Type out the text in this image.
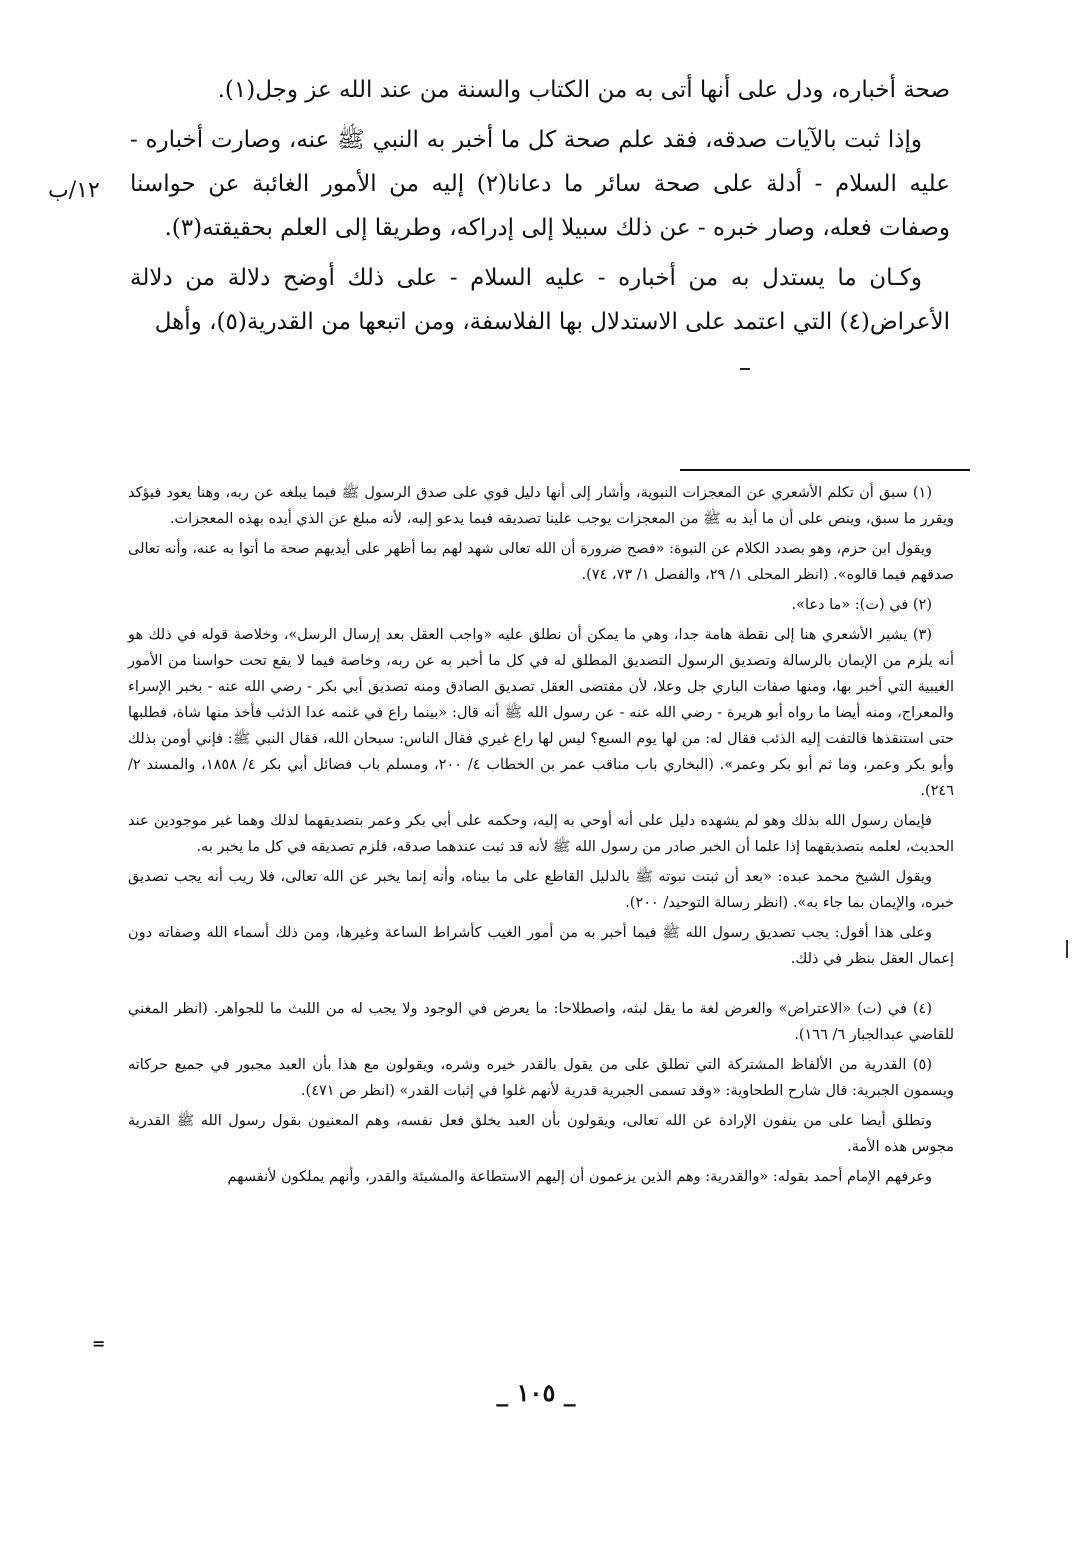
صحة أخباره، ودل على أنها أتى به من الكتاب والسنة من عند الله عز وجل(١).

وإذا ثبت بالآيات صدقه، فقد علم صحة كل ما أخبر به النبي ﷺ عنه، وصارت أخباره - عليه السلام - أدلة على صحة سائر ما دعانا(٢) إليه من الأمور الغائبة عن حواسنا وصفات فعله، وصار خبره - عن ذلك سبيلا إلى إدراكه، وطريقا إلى العلم بحقيقته(٣).

وكـان ما يستدل به من أخباره - عليه السلام - على ذلك أوضح دلالة من دلالة الأعراض(٤) التي اعتمد على الاستدلال بها الفلاسفة، ومن اتبعها من القدرية(٥)، وأهل

١٢/ب

(١) سبق أن تكلم الأشعري عن المعجزات النبوية، وأشار إلى أنها دليل قوي على صدق الرسول ﷺ فيما يبلغه عن ربه، وهنا يعود فيؤكد ويقرر ما سبق، وينص على أن ما أيد به ﷺ من المعجزات يوجب علينا تصديقه فيما يدعو إليه، لأنه مبلغ عن الذي أيده بهذه المعجزات.

ويقول ابن حزم، وهو بصدد الكلام عن النبوة: «فصح ضرورة أن الله تعالى شهد لهم بما أظهر على أيديهم صحة ما أتوا به عنه، وأنه تعالى صدقهم فيما قالوه». (انظر المحلى ١/ ٢٩، والفصل ١/ ٧٣، ٧٤).

(٢) في (ت): «ما دعا».

(٣) يشير الأشعري هنا إلى نقطة هامة جدا، وهي ما يمكن أن نطلق عليه «واجب العقل بعد إرسال الرسل»، وخلاصة قوله في ذلك هو أنه يلزم من الإيمان بالرسالة وتصديق الرسول التصديق المطلق له في كل ما أخبر به عن ربه، وخاصة فيما لا يقع تحت حواسنا من الأمور الغيبية التي أخبر بها، ومنها صفات الباري جل وعلا، لأن مقتضى العقل تصديق الصادق ومنه تصديق أبي بكر - رضي الله عنه - بخبر الإسراء والمعراج، ومنه أيضا ما رواه أبو هريرة - رضي الله عنه - عن رسول الله ﷺ أنه قال: «بينما راع في غنمه عدا الذئب فأخذ منها شاة، فطلبها حتى استنقذها فالتفت إليه الذئب فقال له: من لها يوم السبع؟ ليس لها راع غيري فقال الناس: سبحان الله، فقال النبي ﷺ: فإني أومن بذلك وأبو بكر وعمر، وما ثم أبو بكر وعمر». (البخاري باب مناقب عمر بن الخطاب ٤/ ٢٠٠، ومسلم باب فضائل أبي بكر ٤/ ١٨٥٨، والمسند ٢/ ٢٤٦).

فإيمان رسول الله بذلك وهو لم يشهده دليل على أنه أوحي به إليه، وحكمه على أبي بكر وعمر بتصديقهما لذلك وهما غير موجودين عند الحديث، لعلمه بتصديقهما إذا علما أن الخبر صادر من رسول الله ﷺ لأنه قد ثبت عندهما صدقه، فلزم تصديقه في كل ما يخبر به.

ويقول الشيخ محمد عبده: «بعد أن ثبتت نبوته ﷺ بالدليل القاطع على ما بيناه، وأنه إنما يخبر عن الله تعالى، فلا ريب أنه يجب تصديق خبره، والإيمان بما جاء به». (انظر رسالة التوحيد/ ٢٠٠).

وعلى هذا أقول: يجب تصديق رسول الله ﷺ فيما أخبر به من أمور الغيب كأشراط الساعة وغيرها، ومن ذلك أسماء الله وصفاته دون إعمال العقل بنظر في ذلك.

(٤) في (ت) «الاعتراض» والعرض لغة ما يقل لبثه، واصطلاحا: ما يعرض في الوجود ولا يجب له من اللبث ما للجواهر. (انظر المغني للقاضي عبدالجبار ٦/ ١٦٦).

(٥) القدرية من الألفاظ المشتركة التي تطلق على من يقول بالقدر خيره وشره، ويقولون مع هذا بأن العبد مجبور في جميع حركاته ويسمون الجبرية: قال شارح الطحاوية: «وقد تسمى الجبرية قدرية لأنهم غلوا في إثبات القدر» (انظر ص ٤٧١).

وتطلق أيضا على من ينفون الإرادة عن الله تعالى، ويقولون بأن العبد يخلق فعل نفسه، وهم المعنيون بقول رسول الله ﷺ القدرية مجوس هذه الأمة.

وعرفهم الإمام أحمد بقوله: «والقدرية: وهم الذين يزعمون أن إليهم الاستطاعة والمشيئة والقدر، وأنهم يملكون لأنفسهم

=
_ ١٠٥ _
